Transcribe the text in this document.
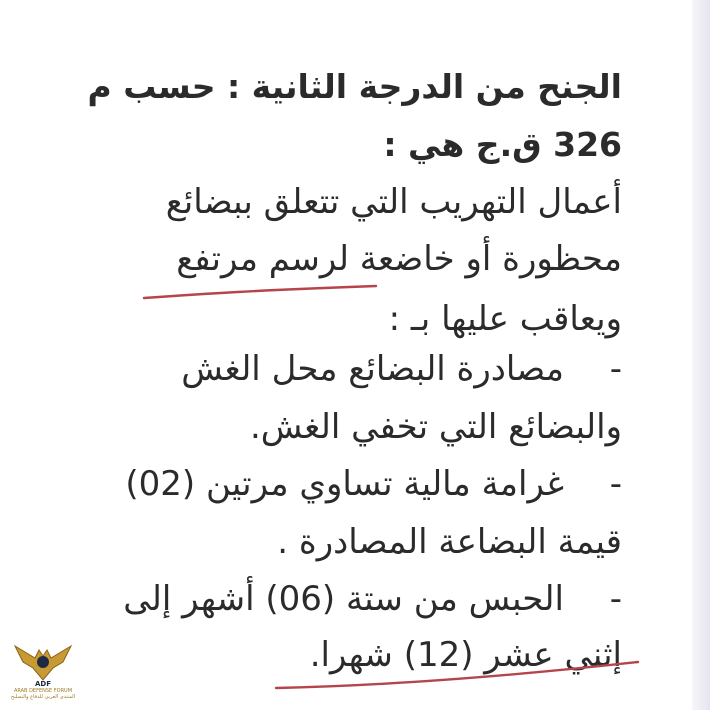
الجنح من الدرجة الثانية : حسب م
326 ق.ج هي :
أعمال التهريب التي تتعلق ببضائع
محظورة أو خاضعة لرسم مرتفع
ويعاقب عليها بـ :
-
مصادرة البضائع محل الغش
والبضائع التي تخفي الغش.
-
غرامة مالية تساوي مرتين (02)
قيمة البضاعة المصادرة .
-
الحبس من ستة (06) أشهر إلى
إثني عشر (12) شهرا.
ADF
ARAB DEFENSE FORUM
المنتدى العربي للدفاع والتسليح
